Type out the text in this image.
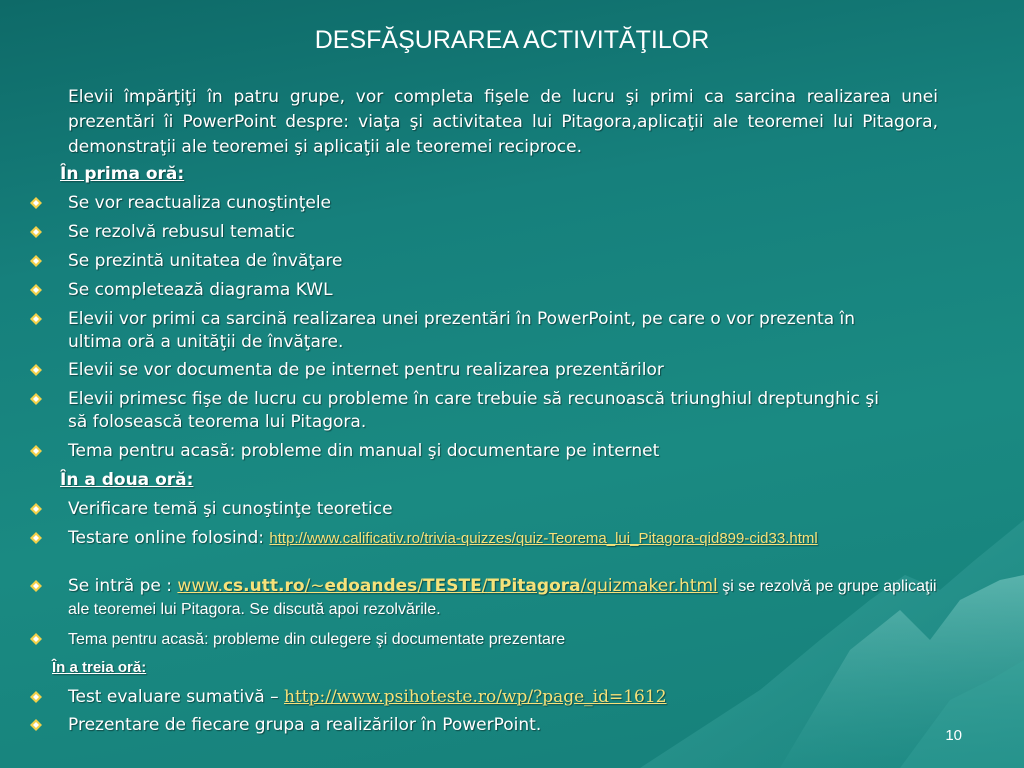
DESFĂŞURAREA ACTIVITĂŢILOR
Elevii împărţiţi în patru grupe, vor completa fişele de lucru şi primi ca sarcina realizarea unei prezentări îi PowerPoint despre: viaţa şi activitatea lui Pitagora,aplicaţii ale teoremei lui Pitagora, demonstraţii ale teoremei şi aplicaţii ale teoremei reciproce.
În prima oră:
Se vor reactualiza cunoştinţele
Se rezolvă rebusul tematic
Se prezintă unitatea de învăţare
Se completează diagrama KWL
Elevii vor primi ca sarcină realizarea unei prezentări în PowerPoint, pe care o vor prezenta în ultima oră a unităţii de învăţare.
Elevii se vor documenta de pe internet pentru realizarea prezentărilor
Elevii primesc fişe de lucru cu probleme în care trebuie să recunoască triunghiul dreptunghic şi să folosească teorema lui Pitagora.
Tema pentru acasă: probleme din manual şi documentare pe internet
În a doua oră:
Verificare temă şi cunoştinţe teoretice
Testare online folosind: http://www.calificativ.ro/trivia-quizzes/quiz-Teorema_lui_Pitagora-qid899-cid33.html
Se intră pe : www.cs.utt.ro/~edoandes/TESTE/TPitagora/quizmaker.html şi se rezolvă pe grupe aplicaţii ale teoremei lui Pitagora. Se discută apoi rezolvările.
Tema pentru acasă: probleme din culegere şi documentate prezentare
În a treia oră:
Test evaluare sumativă – http://www.psihoteste.ro/wp/?page_id=1612
Prezentare de fiecare grupa a realizărilor în PowerPoint.
10
